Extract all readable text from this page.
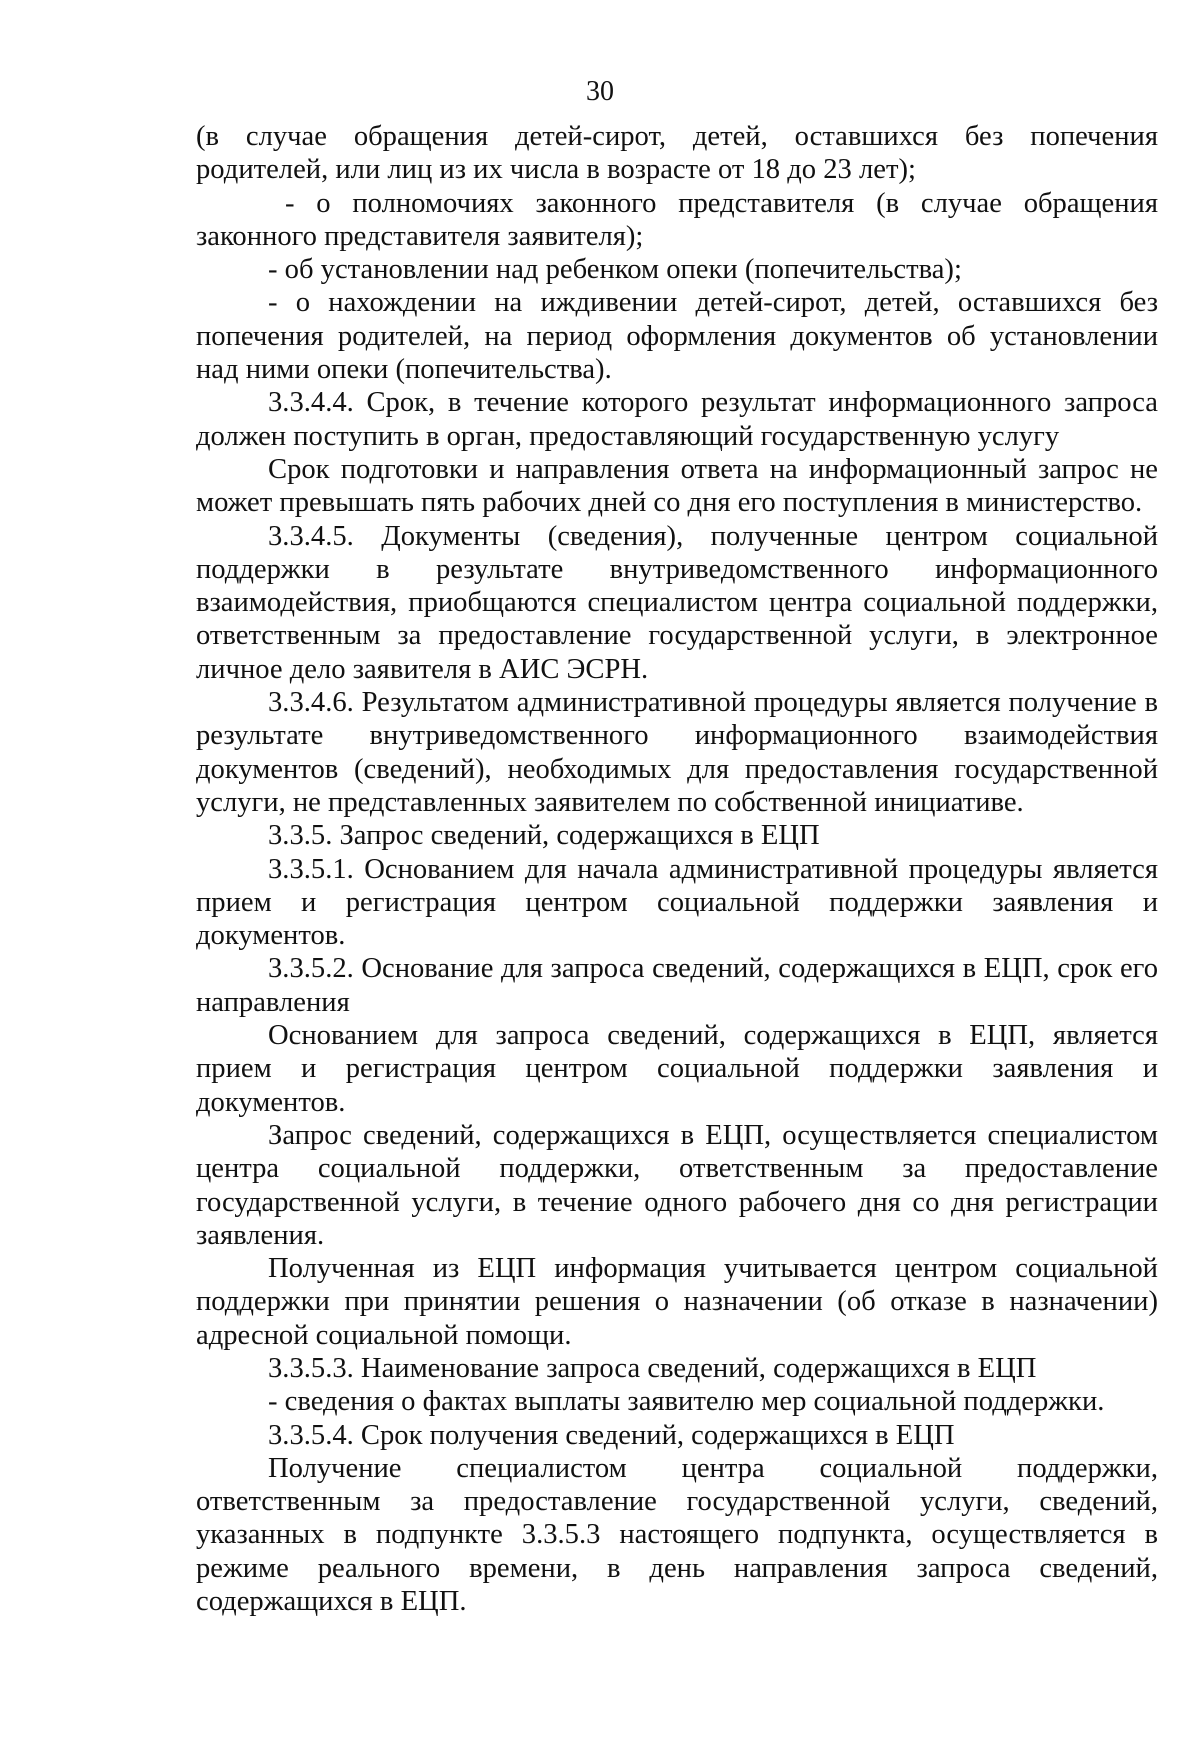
30

(в случае обращения детей-сирот, детей, оставшихся без попечения родителей, или лиц из их числа в возрасте от 18 до 23 лет);

- о полномочиях законного представителя (в случае обращения законного представителя заявителя);

- об установлении над ребенком опеки (попечительства);

- о нахождении на иждивении детей-сирот, детей, оставшихся без попечения родителей, на период оформления документов об установлении над ними опеки (попечительства).

3.3.4.4. Срок, в течение которого результат информационного запроса должен поступить в орган, предоставляющий государственную услугу

Срок подготовки и направления ответа на информационный запрос не может превышать пять рабочих дней со дня его поступления в министерство.

3.3.4.5. Документы (сведения), полученные центром социальной поддержки в результате внутриведомственного информационного взаимодействия, приобщаются специалистом центра социальной поддержки, ответственным за предоставление государственной услуги, в электронное личное дело заявителя в АИС ЭСРН.

3.3.4.6. Результатом административной процедуры является получение в результате внутриведомственного информационного взаимодействия документов (сведений), необходимых для предоставления государственной услуги, не представленных заявителем по собственной инициативе.

3.3.5. Запрос сведений, содержащихся в ЕЦП

3.3.5.1. Основанием для начала административной процедуры является прием и регистрация центром социальной поддержки заявления и документов.

3.3.5.2. Основание для запроса сведений, содержащихся в ЕЦП, срок его направления

Основанием для запроса сведений, содержащихся в ЕЦП, является прием и регистрация центром социальной поддержки заявления и документов.

Запрос сведений, содержащихся в ЕЦП, осуществляется специалистом центра социальной поддержки, ответственным за предоставление государственной услуги, в течение одного рабочего дня со дня регистрации заявления.

Полученная из ЕЦП информация учитывается центром социальной поддержки при принятии решения о назначении (об отказе в назначении) адресной социальной помощи.

3.3.5.3. Наименование запроса сведений, содержащихся в ЕЦП

- сведения о фактах выплаты заявителю мер социальной поддержки.

3.3.5.4. Срок получения сведений, содержащихся в ЕЦП

Получение специалистом центра социальной поддержки, ответственным за предоставление государственной услуги, сведений, указанных в подпункте 3.3.5.3 настоящего подпункта, осуществляется в режиме реального времени, в день направления запроса сведений, содержащихся в ЕЦП.
